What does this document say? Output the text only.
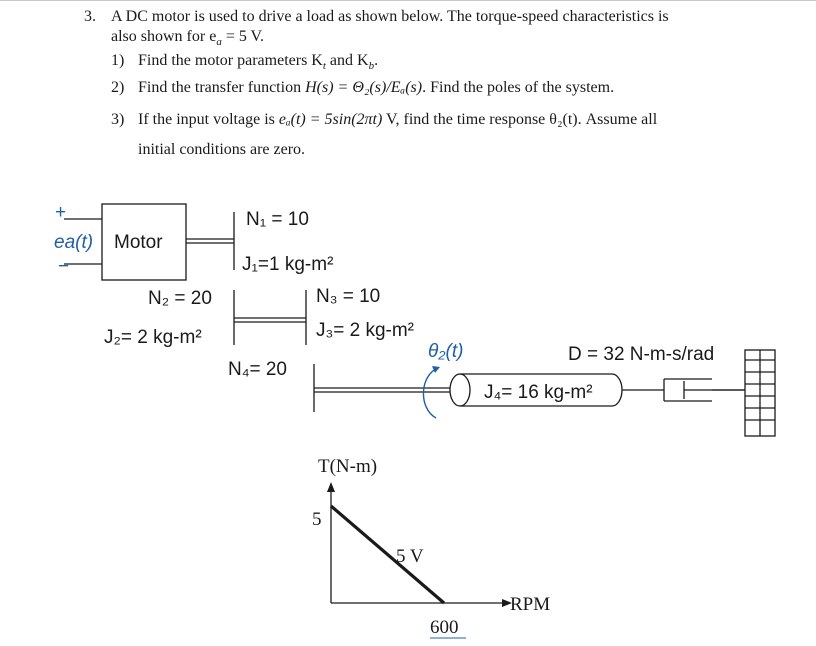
3. A DC motor is used to drive a load as shown below. The torque-speed characteristics is
also shown for $e_a = 5$ V.
1) Find the motor parameters $K_t$ and $K_b$.
2) Find the transfer function H(s) = Θ₂(s)/Eₐ(s). Find the poles of the system.
3) If the input voltage is eₐ(t) = 5sin(2πt) V, find the time response θ₂(t). Assume all
initial conditions are zero.
+
−
ea(t) Motor
N₁ = 10
J₁=1 kg-m²
N₂ = 20
J₂= 2 kg-m²
N₃ = 10
J₃= 2 kg-m²
N₄= 20
θ₂(t)	D = 32 N-m-s/rad
J₄= 16 kg-m²
T(N-m)
RPM
5
600
5 V
